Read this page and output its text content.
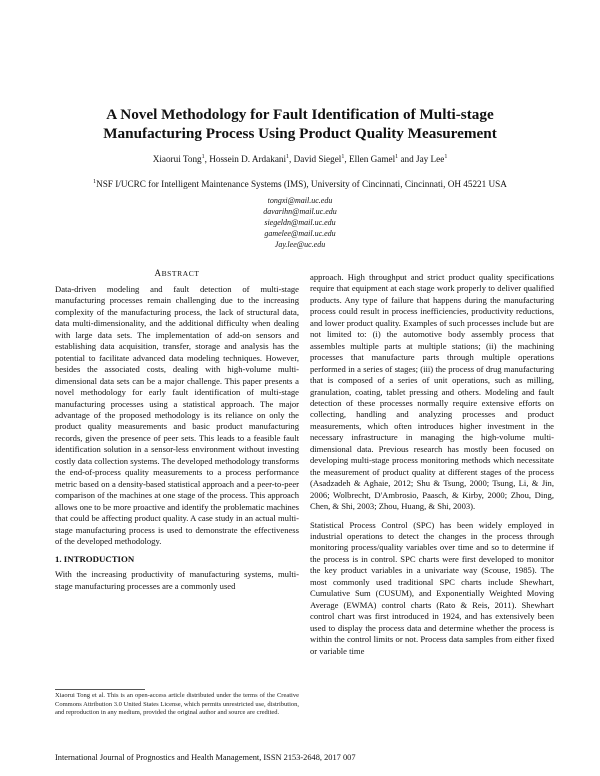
A Novel Methodology for Fault Identification of Multi-stage
Manufacturing Process Using Product Quality Measurement
Xiaorui Tong$^1$, Hossein D. Ardakani$^1$, David Siegel$^1$, Ellen Gamel$^1$ and Jay Lee$^1$
$^1$NSF I/UCRC for Intelligent Maintenance Systems (IMS), University of Cincinnati, Cincinnati, OH 45221 USA
tongxi@mail.uc.edu
davarihn@mail.uc.edu
siegeldn@mail.uc.edu
gamelee@mail.uc.edu
Jay.lee@uc.edu
ABSTRACT

Data-driven modeling and fault detection of multi-stage manufacturing processes remain challenging due to the increasing complexity of the manufacturing process, the lack of structural data, data multi-dimensionality, and the additional difficulty when dealing with large data sets. The implementation of add-on sensors and establishing data acquisition, transfer, storage and analysis has the potential to facilitate advanced data modeling techniques. However, besides the associated costs, dealing with high-volume multi-dimensional data sets can be a major challenge. This paper presents a novel methodology for early fault identification of multi-stage manufacturing processes using a statistical approach. The major advantage of the proposed methodology is its reliance on only the product quality measurements and basic product manufacturing records, given the presence of peer sets. This leads to a feasible fault identification solution in a sensor-less environment without investing costly data collection systems. The developed methodology transforms the end-of-process quality measurements to a process performance metric based on a density-based statistical approach and a peer-to-peer comparison of the machines at one stage of the process. This approach allows one to be more proactive and identify the problematic machines that could be affecting product quality. A case study in an actual multi-stage manufacturing process is used to demonstrate the effectiveness of the developed methodology.

1. INTRODUCTION

With the increasing productivity of manufacturing systems, multi-stage manufacturing processes are a commonly used

approach. High throughput and strict product quality specifications require that equipment at each stage work properly to deliver qualified products. Any type of failure that happens during the manufacturing process could result in process inefficiencies, productivity reductions, and lower product quality. Examples of such processes include but are not limited to: (i) the automotive body assembly process that assembles multiple parts at multiple stations; (ii) the machining processes that manufacture parts through multiple operations performed in a series of stages; (iii) the process of drug manufacturing that is composed of a series of unit operations, such as milling, granulation, coating, tablet pressing and others. Modeling and fault detection of these processes normally require extensive efforts on collecting, handling and analyzing processes and product measurements, which often introduces higher investment in the necessary infrastructure in managing the high-volume multi-dimensional data. Previous research has mostly been focused on developing multi-stage process monitoring methods which necessitate the measurement of product quality at different stages of the process (Asadzadeh & Aghaie, 2012; Shu & Tsung, 2000; Tsung, Li, & Jin, 2006; Wolbrecht, D'Ambrosio, Paasch, & Kirby, 2000; Zhou, Ding, Chen, & Shi, 2003; Zhou, Huang, & Shi, 2003).

Statistical Process Control (SPC) has been widely employed in industrial operations to detect the changes in the process through monitoring process/quality variables over time and so to determine if the process is in control. SPC charts were first developed to monitor the key product variables in a univariate way (Scouse, 1985). The most commonly used traditional SPC charts include Shewhart, Cumulative Sum (CUSUM), and Exponentially Weighted Moving Average (EWMA) control charts (Rato & Reis, 2011). Shewhart control chart was first introduced in 1924, and has extensively been used to display the process data and determine whether the process is within the control limits or not. Process data samples from either fixed or variable time

Xiaorui Tong et al. This is an open-access article distributed under the terms of the Creative Commons Attribution 3.0 United States License, which permits unrestricted use, distribution, and reproduction in any medium, provided the original author and source are credited.
International Journal of Prognostics and Health Management, ISSN 2153-2648, 2017 007
